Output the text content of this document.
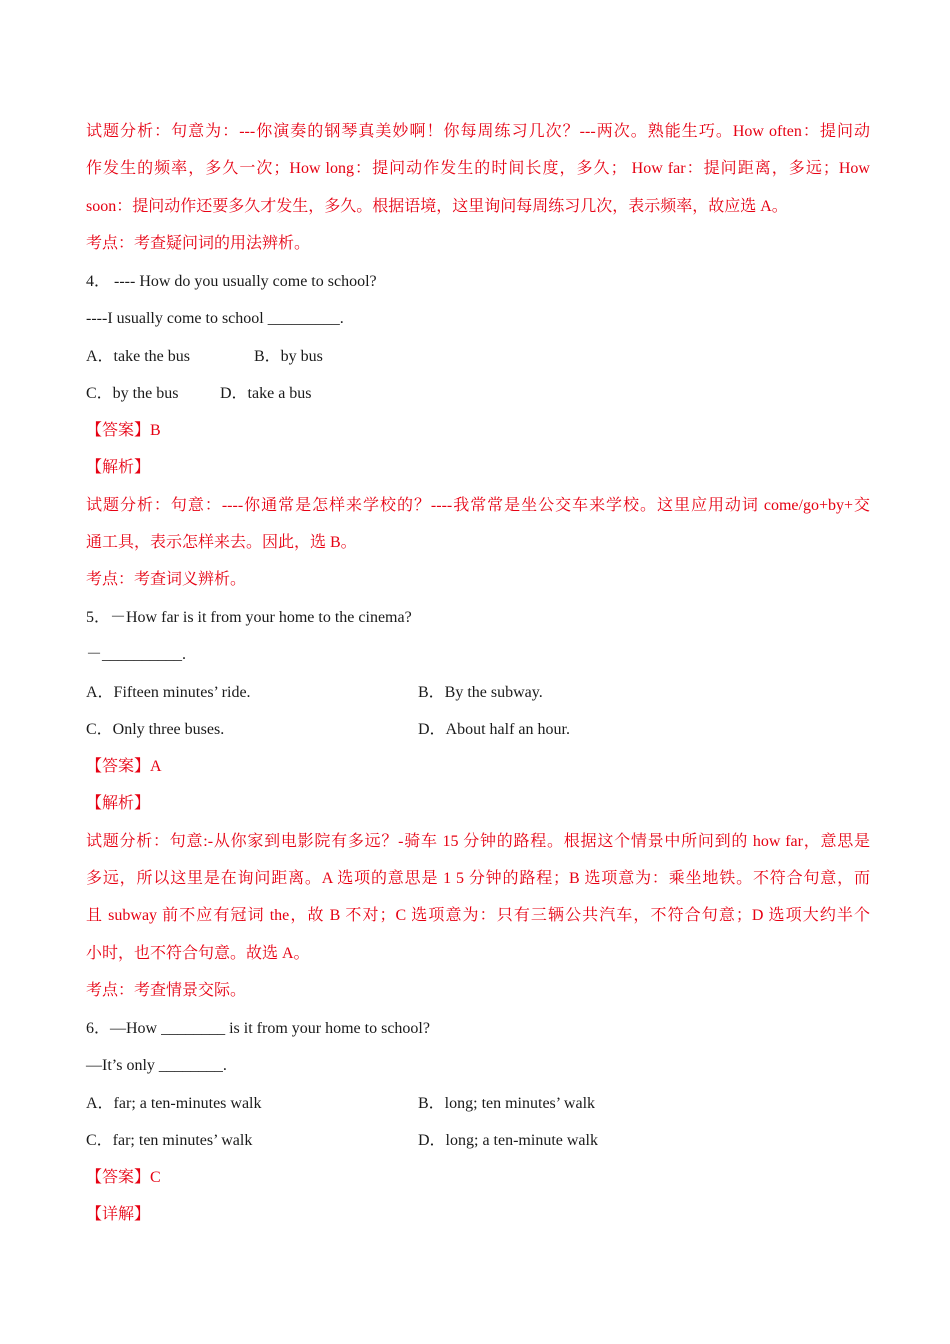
试题分析：句意为：---你演奏的钢琴真美妙啊！你每周练习几次？---两次。熟能生巧。How often：提问动
作发生的频率，多久一次；How long：提问动作发生的时间长度，多久； How far：提问距离，多远；How
soon：提问动作还要多久才发生，多久。根据语境，这里询问每周练习几次，表示频率，故应选 A。
考点：考查疑问词的用法辨析。
4． ---- How do you usually come to school?
----I usually come to school _________.
A．take the bus	B．by bus
C．by the bus	D．take a bus
【答案】B
【解析】
试题分析：句意：----你通常是怎样来学校的？----我常常是坐公交车来学校。这里应用动词 come/go+by+交
通工具，表示怎样来去。因此，选 B。
考点：考查词义辨析。
5．－How far is it from your home to the cinema?
－__________.
A．Fifteen minutes’ ride.	B．By the subway.
C．Only three buses.	D．About half an hour.
【答案】A
【解析】
试题分析：句意:-从你家到电影院有多远？-骑车 15 分钟的路程。根据这个情景中所问到的 how far，意思是
多远，所以这里是在询问距离。A 选项的意思是 1 5 分钟的路程；B 选项意为：乘坐地铁。不符合句意，而
且 subway 前不应有冠词 the，故 B 不对；C 选项意为：只有三辆公共汽车，不符合句意；D 选项大约半个
小时，也不符合句意。故选 A。
考点：考查情景交际。
6．—How ________ is it from your home to school?
—It’s only ________.
A．far; a ten-minutes walk	B．long; ten minutes’ walk
C．far; ten minutes’ walk	D．long; a ten-minute walk
【答案】C
【详解】
